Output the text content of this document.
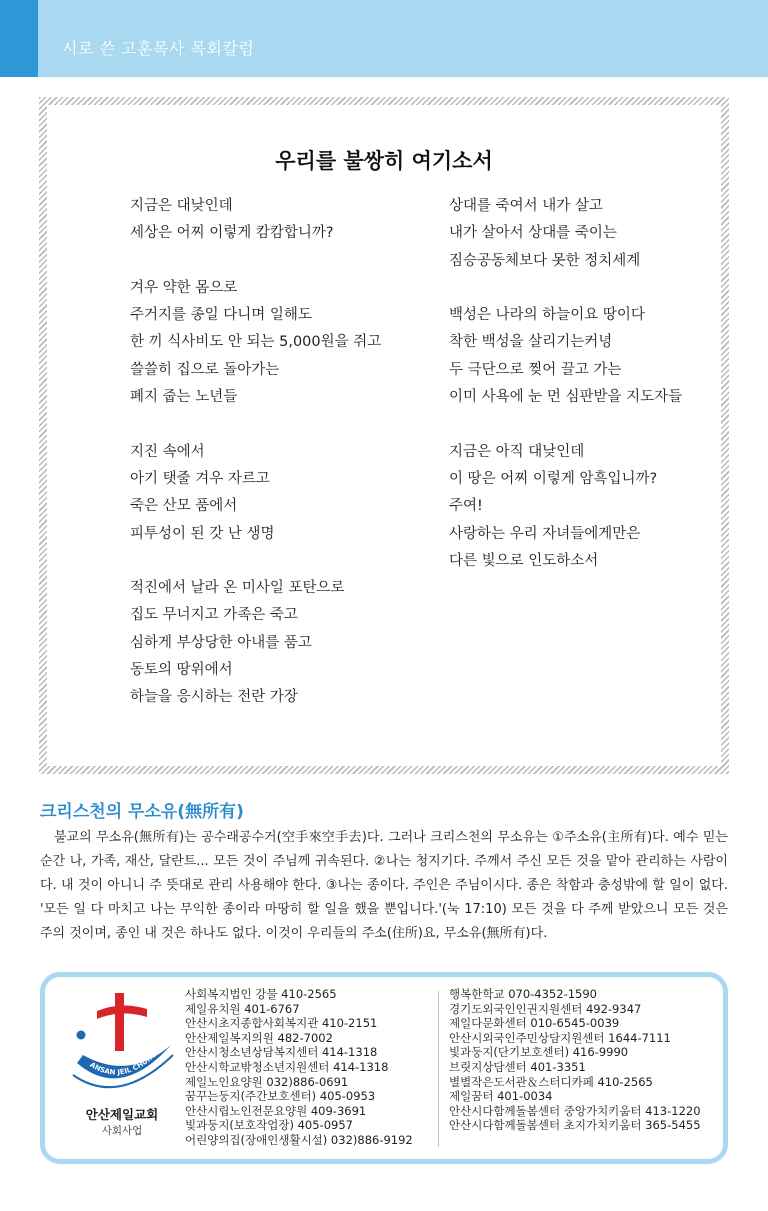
시로 쓴 고훈목사 목회칼럼
우리를 불쌍히 여기소서
지금은 대낮인데
세상은 어찌 이렇게 캄캄합니까?
겨우 약한 몸으로
주거지를 종일 다니며 일해도
한 끼 식사비도 안 되는 5,000원을 쥐고
쓸쓸히 집으로 돌아가는
폐지 줍는 노년들
지진 속에서
아기 탯줄 겨우 자르고
죽은 산모 품에서
피투성이 된 갓 난 생명
적진에서 날라 온 미사일 포탄으로
집도 무너지고 가족은 죽고
심하게 부상당한 아내를 품고
동토의 땅위에서
하늘을 응시하는 전란 가장
상대를 죽여서 내가 살고
내가 살아서 상대를 죽이는
짐승공동체보다 못한 정치세계
백성은 나라의 하늘이요 땅이다
착한 백성을 살리기는커녕
두 극단으로 찢어 끌고 가는
이미 사욕에 눈 먼 심판받을 지도자들
지금은 아직 대낮인데
이 땅은 어찌 이렇게 암흑입니까?
주여!
사랑하는 우리 자녀들에게만은
다른 빛으로 인도하소서
크리스천의 무소유(無所有)
불교의 무소유(無所有)는 공수래공수거(空手來空手去)다. 그러나 크리스천의 무소유는 ①주소유(主所有)다. 예수 믿는 순간 나, 가족, 재산, 달란트... 모든 것이 주님께 귀속된다. ②나는 청지기다. 주께서 주신 모든 것을 맡아 관리하는 사람이다. 내 것이 아니니 주 뜻대로 관리 사용해야 한다. ③나는 종이다. 주인은 주님이시다. 종은 착함과 충성밖에 할 일이 없다. '모든 일 다 마치고 나는 무익한 종이라 마땅히 할 일을 했을 뿐입니다.'(눅 17:10) 모든 것을 다 주께 받았으니 모든 것은 주의 것이며, 종인 내 것은 하나도 없다. 이것이 우리들의 주소(住所)요, 무소유(無所有)다.
ANSAN JEIL CHURCH
안산제일교회
사회사업
사회복지법인 강물 410-2565
제일유치원 401-6767
안산시초지종합사회복지관 410-2151
안산제일복지의원 482-7002
안산시청소년상담복지센터 414-1318
안산시학교밖청소년지원센터 414-1318
제일노인요양원 032)886-0691
꿈꾸는둥지(주간보호센터) 405-0953
안산시립노인전문요양원 409-3691
빛과둥지(보호작업장) 405-0957
어린양의집(장애인생활시설) 032)886-9192
행복한학교 070-4352-1590
경기도외국인인권지원센터 492-9347
제일다문화센터 010-6545-0039
안산시외국인주민상담지원센터 1644-7111
빛과둥지(단기보호센터) 416-9990
브릿지상담센터 401-3351
별별작은도서관＆스터디카페 410-2565
제일꿈터 401-0034
안산시다함께돌봄센터 중앙가치키움터 413-1220
안산시다함께돌봄센터 초지가치키움터 365-5455
